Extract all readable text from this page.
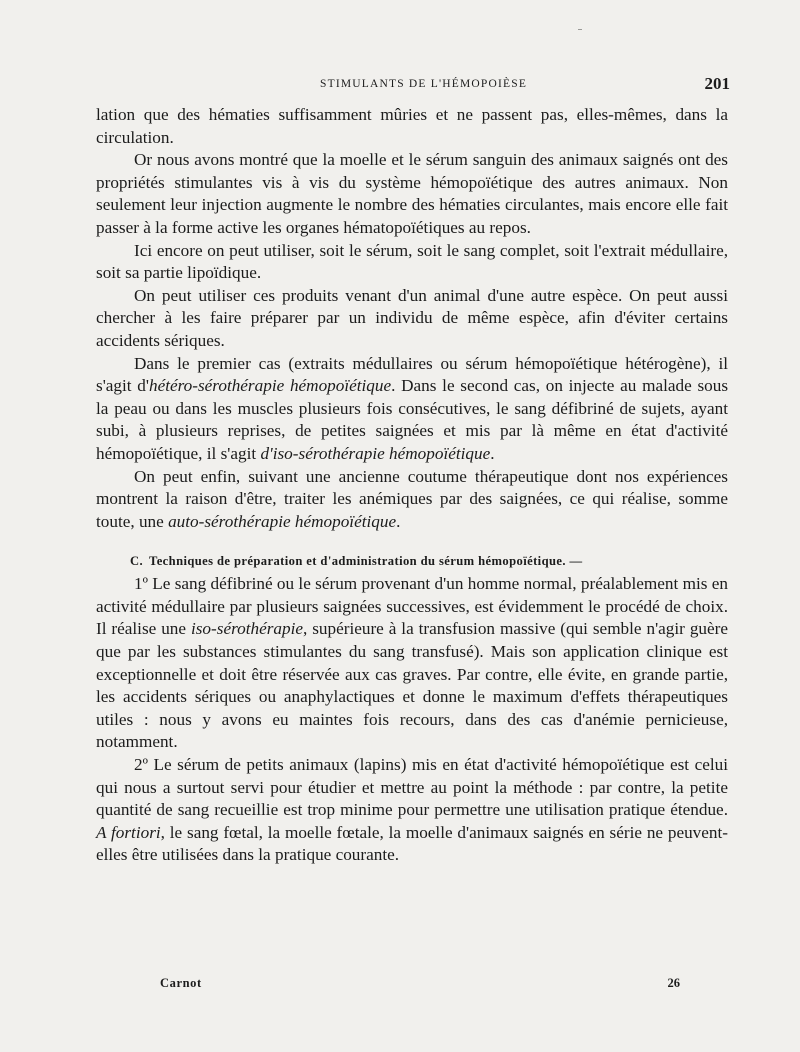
STIMULANTS DE L'HÉMOPOIÈSE	201

lation que des hématies suffisamment mûries et ne passent pas, elles-mêmes, dans la circulation.

Or nous avons montré que la moelle et le sérum sanguin des animaux saignés ont des propriétés stimulantes vis à vis du système hémopoïétique des autres animaux. Non seulement leur injection augmente le nombre des hématies circulantes, mais encore elle fait passer à la forme active les organes hématopoïétiques au repos.

Ici encore on peut utiliser, soit le sérum, soit le sang complet, soit l'extrait médullaire, soit sa partie lipoïdique.

On peut utiliser ces produits venant d'un animal d'une autre espèce. On peut aussi chercher à les faire préparer par un individu de même espèce, afin d'éviter certains accidents sériques.

Dans le premier cas (extraits médullaires ou sérum hémopoïétique hétérogène), il s'agit d'hétéro-sérothérapie hémopoïétique. Dans le second cas, on injecte au malade sous la peau ou dans les muscles plusieurs fois consécutives, le sang défibriné de sujets, ayant subi, à plusieurs reprises, de petites saignées et mis par là même en état d'activité hémopoïétique, il s'agit d'iso-sérothérapie hémopoïétique.

On peut enfin, suivant une ancienne coutume thérapeutique dont nos expériences montrent la raison d'être, traiter les anémiques par des saignées, ce qui réalise, somme toute, une auto-sérothérapie hémopoïétique.

C. Techniques de préparation et d'administration du sérum hémopoïétique. —

1º Le sang défibriné ou le sérum provenant d'un homme normal, préalablement mis en activité médullaire par plusieurs saignées successives, est évidemment le procédé de choix. Il réalise une iso-sérothérapie, supérieure à la transfusion massive (qui semble n'agir guère que par les substances stimulantes du sang transfusé). Mais son application clinique est exceptionnelle et doit être réservée aux cas graves. Par contre, elle évite, en grande partie, les accidents sériques ou anaphylactiques et donne le maximum d'effets thérapeutiques utiles : nous y avons eu maintes fois recours, dans des cas d'anémie pernicieuse, notamment.

2º Le sérum de petits animaux (lapins) mis en état d'activité hémopoïétique est celui qui nous a surtout servi pour étudier et mettre au point la méthode : par contre, la petite quantité de sang recueillie est trop minime pour permettre une utilisation pratique étendue. A fortiori, le sang fœtal, la moelle fœtale, la moelle d'animaux saignés en série ne peuvent-elles être utilisées dans la pratique courante.

Carnot	26
